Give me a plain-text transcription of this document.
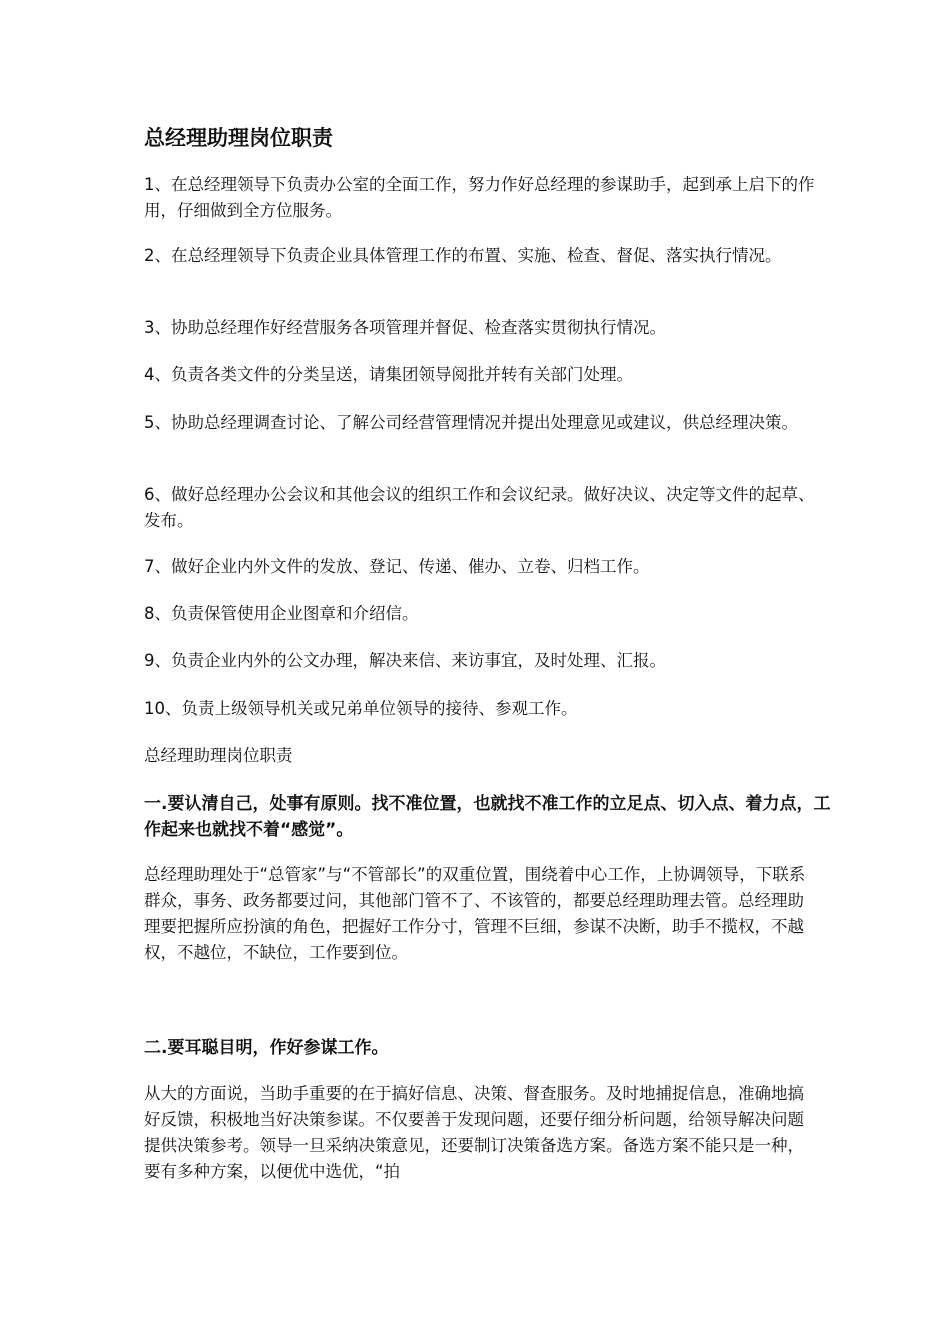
总经理助理岗位职责

1、在总经理领导下负责办公室的全面工作，努力作好总经理的参谋助手，起到承上启下的作用，仔细做到全方位服务。

2、在总经理领导下负责企业具体管理工作的布置、实施、检查、督促、落实执行情况。

3、协助总经理作好经营服务各项管理并督促、检查落实贯彻执行情况。

4、负责各类文件的分类呈送，请集团领导阅批并转有关部门处理。

5、协助总经理调查讨论、了解公司经营管理情况并提出处理意见或建议，供总经理决策。

6、做好总经理办公会议和其他会议的组织工作和会议纪录。做好决议、决定等文件的起草、发布。

7、做好企业内外文件的发放、登记、传递、催办、立卷、归档工作。

8、负责保管使用企业图章和介绍信。

9、负责企业内外的公文办理，解决来信、来访事宜，及时处理、汇报。

10、负责上级领导机关或兄弟单位领导的接待、参观工作。

总经理助理岗位职责

一.要认清自己，处事有原则。找不准位置，也就找不准工作的立足点、切入点、着力点，工作起来也就找不着“感觉”。

总经理助理处于“总管家”与“不管部长”的双重位置，围绕着中心工作，上协调领导，下联系群众，事务、政务都要过问，其他部门管不了、不该管的，都要总经理助理去管。总经理助理要把握所应扮演的角色，把握好工作分寸，管理不巨细，参谋不决断，助手不揽权，不越权，不越位，不缺位，工作要到位。

二.要耳聪目明，作好参谋工作。

从大的方面说，当助手重要的在于搞好信息、决策、督查服务。及时地捕捉信息，准确地搞好反馈，积极地当好决策参谋。不仅要善于发现问题，还要仔细分析问题，给领导解决问题提供决策参考。领导一旦采纳决策意见，还要制订决策备选方案。备选方案不能只是一种，要有多种方案，以便优中选优，“拍
